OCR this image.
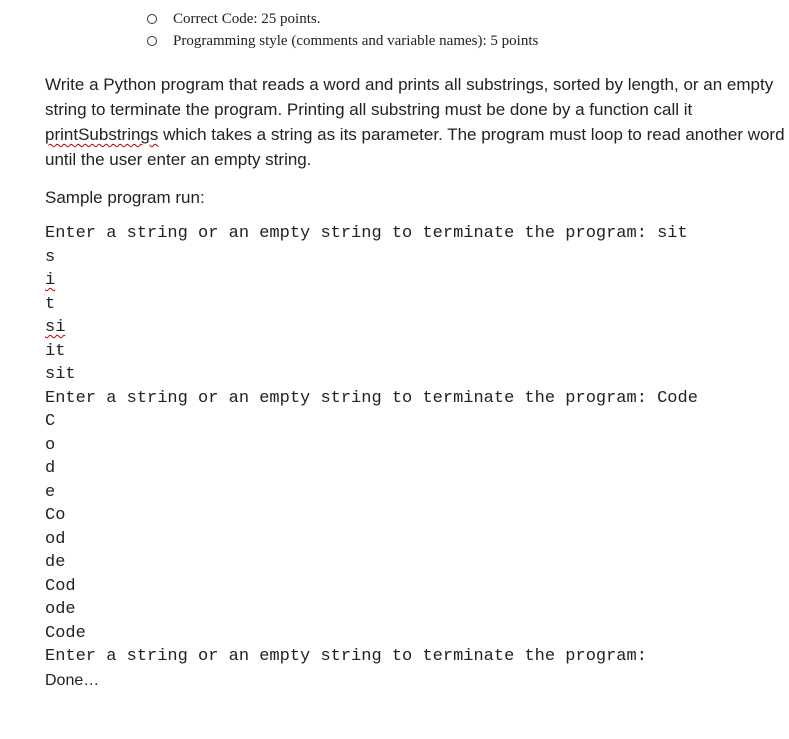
Correct Code: 25 points.
Programming style (comments and variable names): 5 points
Write a Python program that reads a word and prints all substrings, sorted by length, or an empty string to terminate the program. Printing all substring must be done by a function call it printSubstrings which takes a string as its parameter. The program must loop to read another word until the user enter an empty string.
Sample program run:
Enter a string or an empty string to terminate the program: sit
s
i
t
si
it
sit
Enter a string or an empty string to terminate the program: Code
C
o
d
e
Co
od
de
Cod
ode
Code
Enter a string or an empty string to terminate the program:
Done…
